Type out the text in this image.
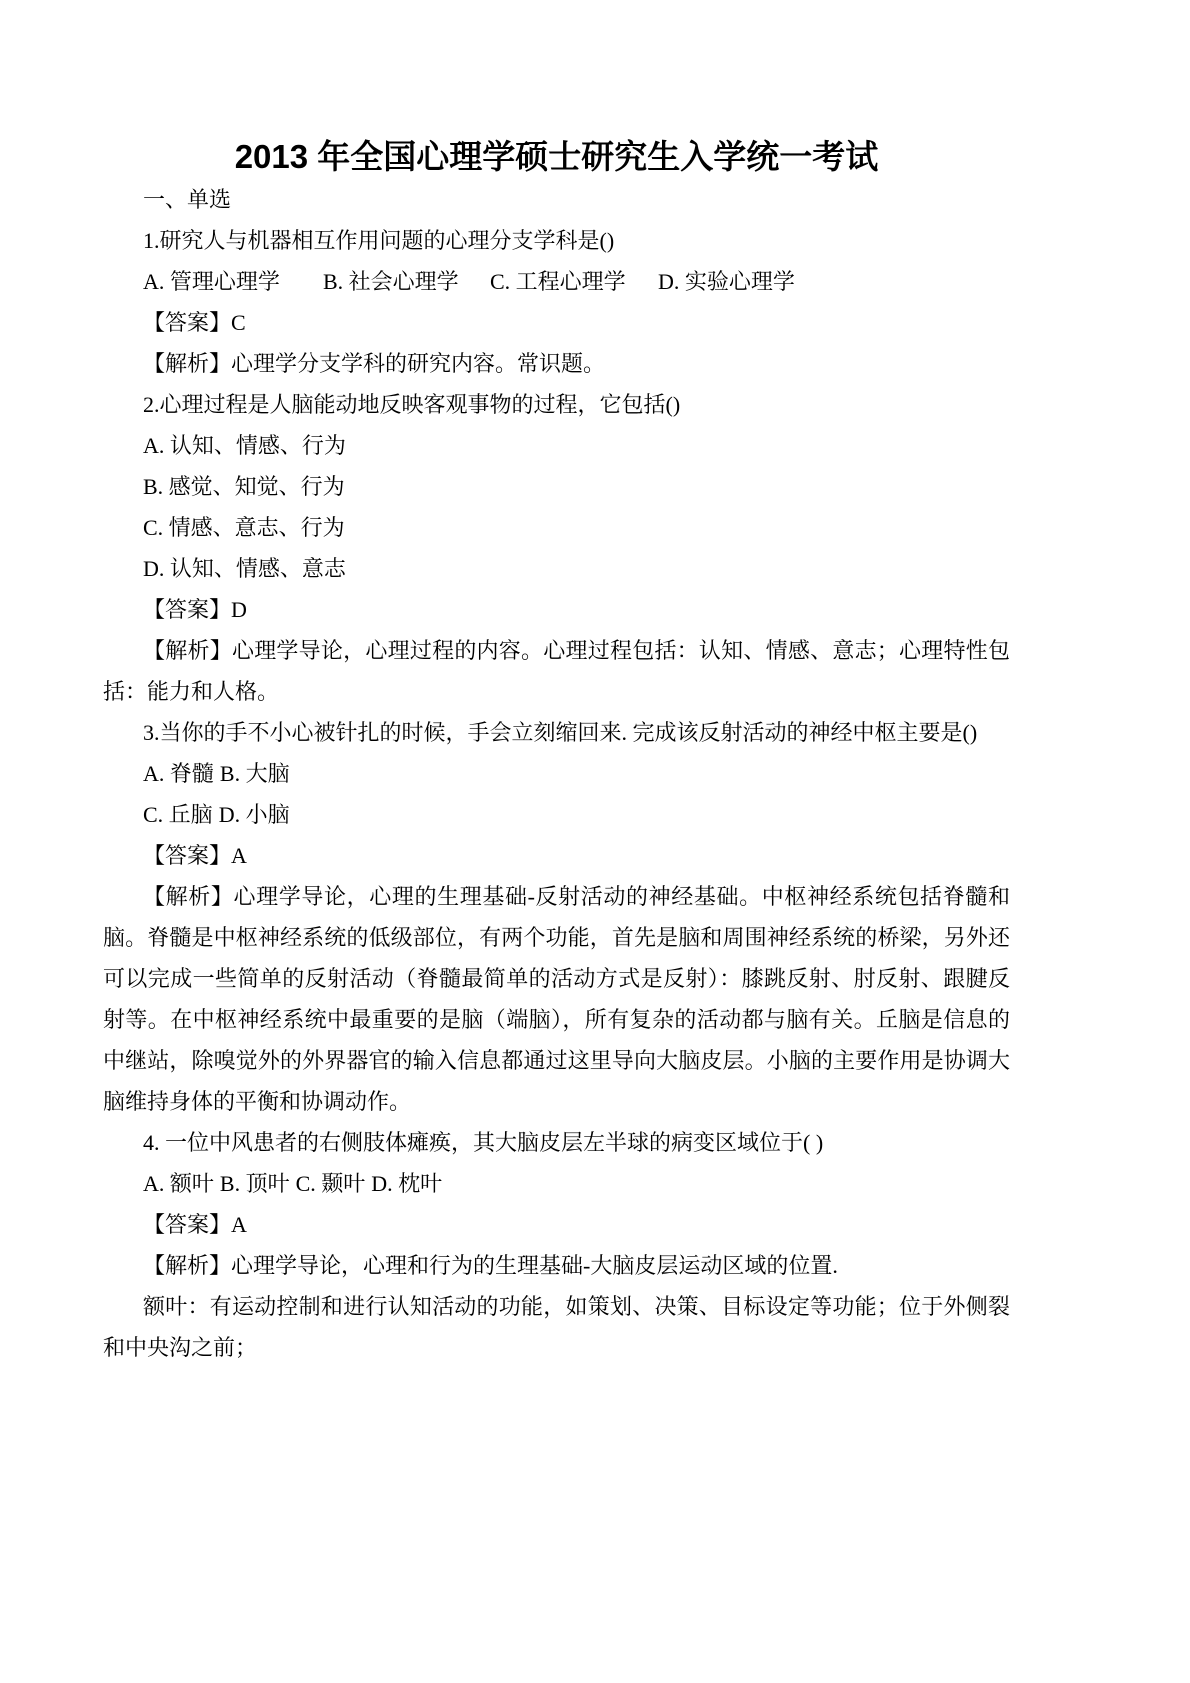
2013 年全国心理学硕士研究生入学统一考试
一、单选
1.研究人与机器相互作用问题的心理分支学科是()
A. 管理心理学 B. 社会心理学 C. 工程心理学 D. 实验心理学
【答案】C
【解析】心理学分支学科的研究内容。常识题。
2.心理过程是人脑能动地反映客观事物的过程，它包括()
A. 认知、情感、行为
B. 感觉、知觉、行为
C. 情感、意志、行为
D. 认知、情感、意志
【答案】D
【解析】心理学导论，心理过程的内容。心理过程包括：认知、情感、意志；心理特性包
括：能力和人格。
3.当你的手不小心被针扎的时候，手会立刻缩回来. 完成该反射活动的神经中枢主要是()
A. 脊髓 B. 大脑
C. 丘脑 D. 小脑
【答案】A
【解析】心理学导论，心理的生理基础-反射活动的神经基础。中枢神经系统包括脊髓和
脑。脊髓是中枢神经系统的低级部位，有两个功能，首先是脑和周围神经系统的桥梁，另外还
可以完成一些简单的反射活动（脊髓最简单的活动方式是反射）：膝跳反射、肘反射、跟腱反
射等。在中枢神经系统中最重要的是脑（端脑），所有复杂的活动都与脑有关。丘脑是信息的
中继站，除嗅觉外的外界器官的输入信息都通过这里导向大脑皮层。小脑的主要作用是协调大
脑维持身体的平衡和协调动作。
4. 一位中风患者的右侧肢体瘫痪，其大脑皮层左半球的病变区域位于( )
A. 额叶 B. 顶叶 C. 颞叶 D. 枕叶
【答案】A
【解析】心理学导论，心理和行为的生理基础-大脑皮层运动区域的位置.
额叶：有运动控制和进行认知活动的功能，如策划、决策、目标设定等功能；位于外侧裂
和中央沟之前；
